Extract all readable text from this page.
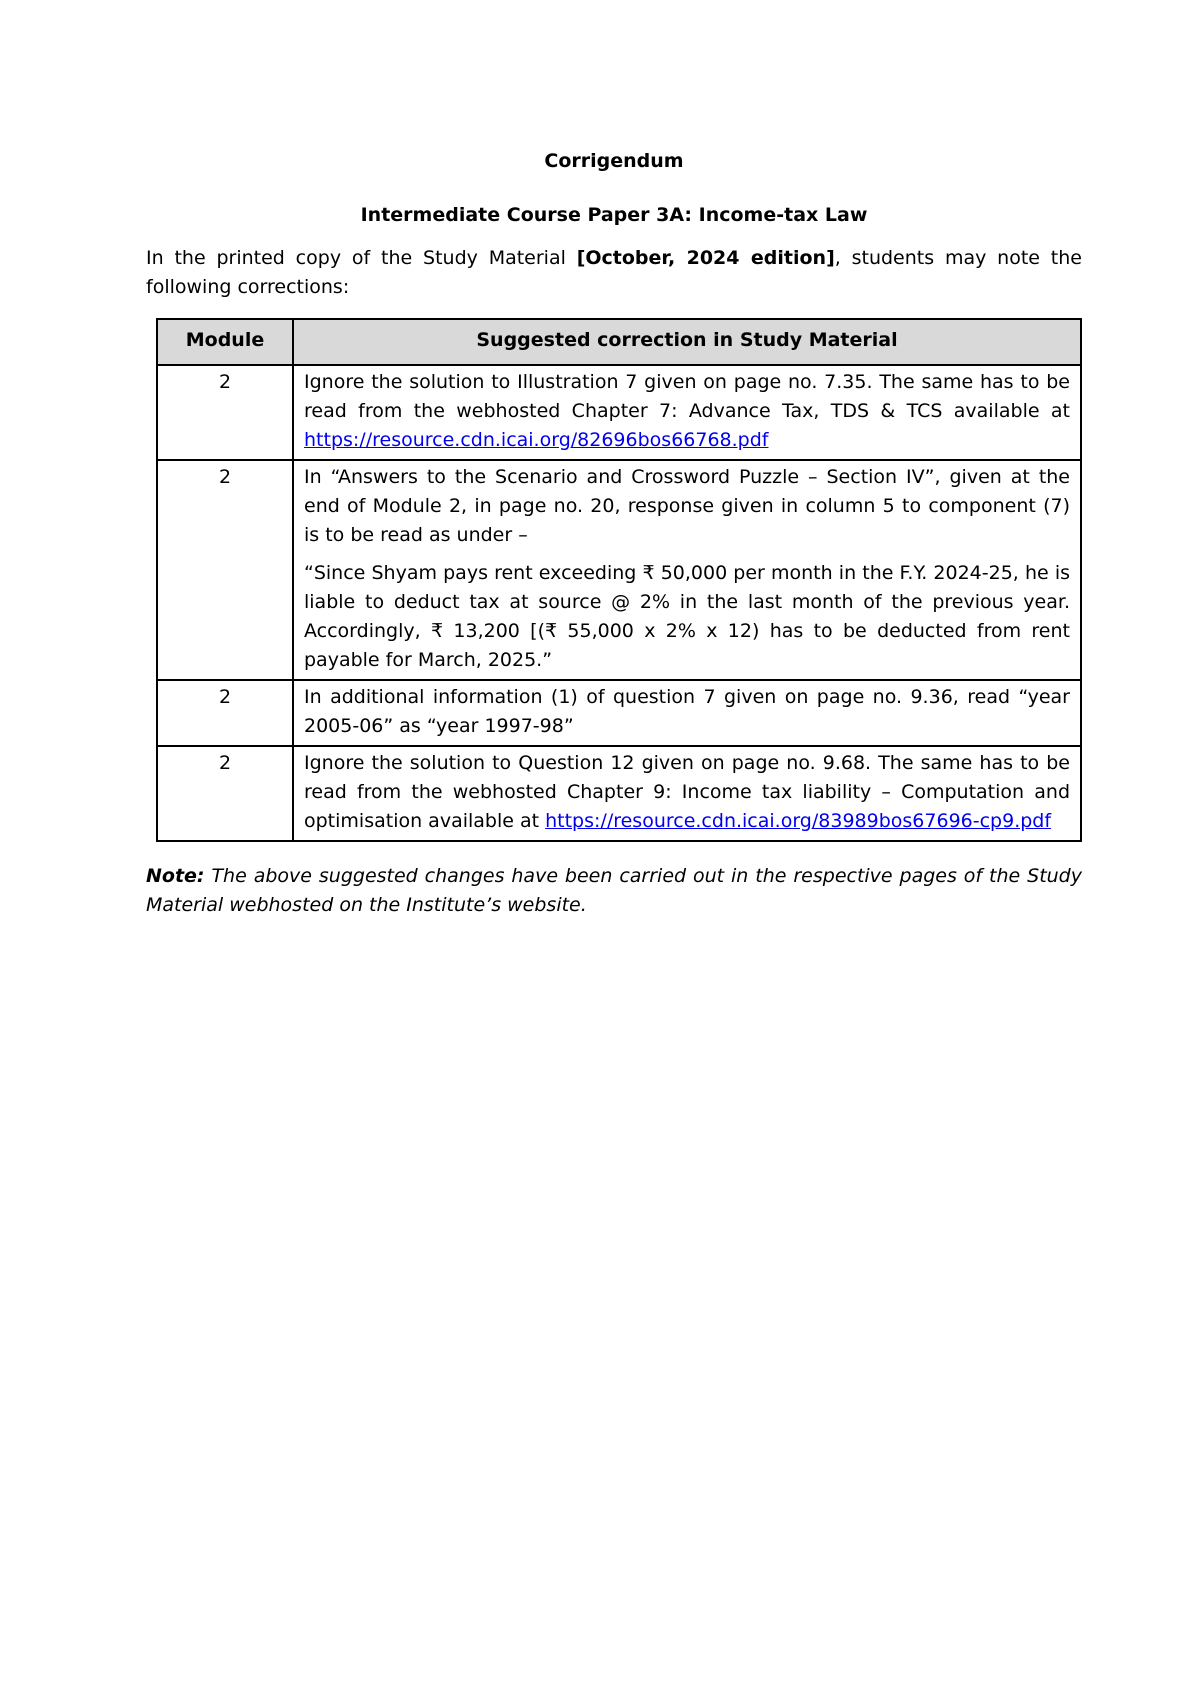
Corrigendum
Intermediate Course Paper 3A: Income-tax Law
In the printed copy of the Study Material [October, 2024 edition], students may note the following corrections:
Module	Suggested correction in Study Material
2	Ignore the solution to Illustration 7 given on page no. 7.35. The same has to be read from the webhosted Chapter 7: Advance Tax, TDS & TCS available at https://resource.cdn.icai.org/82696bos66768.pdf
2	In “Answers to the Scenario and Crossword Puzzle – Section IV”, given at the end of Module 2, in page no. 20, response given in column 5 to component (7) is to be read as under –
“Since Shyam pays rent exceeding ₹ 50,000 per month in the F.Y. 2024-25, he is liable to deduct tax at source @ 2% in the last month of the previous year. Accordingly, ₹ 13,200 [(₹ 55,000 x 2% x 12) has to be deducted from rent payable for March, 2025.”

2	In additional information (1) of question 7 given on page no. 9.36, read “year 2005-06” as “year 1997-98”
2	Ignore the solution to Question 12 given on page no. 9.68. The same has to be read from the webhosted Chapter 9: Income tax liability – Computation and optimisation available at https://resource.cdn.icai.org/83989bos67696-cp9.pdf
Note: The above suggested changes have been carried out in the respective pages of the Study Material webhosted on the Institute’s website.
